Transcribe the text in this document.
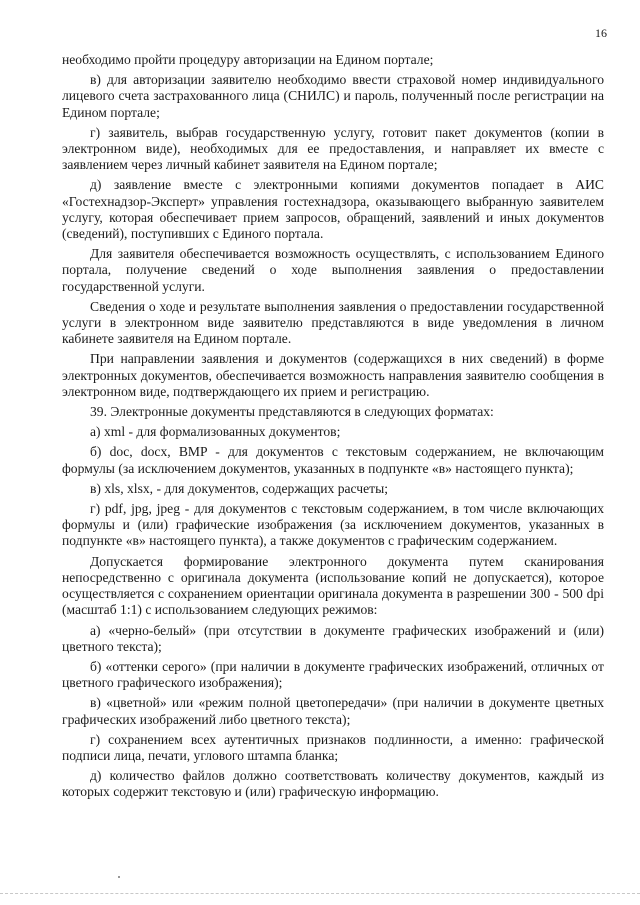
16

необходимо пройти процедуру авторизации на Едином портале;

в) для авторизации заявителю необходимо ввести страховой номер индивидуального лицевого счета застрахованного лица (СНИЛС) и пароль, полученный после регистрации на Едином портале;

г) заявитель, выбрав государственную услугу, готовит пакет документов (копии в электронном виде), необходимых для ее предоставления, и направляет их вместе с заявлением через личный кабинет заявителя на Едином портале;

д) заявление вместе с электронными копиями документов попадает в АИС «Гостехнадзор-Эксперт» управления гостехнадзора, оказывающего выбранную заявителем услугу, которая обеспечивает прием запросов, обращений, заявлений и иных документов (сведений), поступивших с Единого портала.

Для заявителя обеспечивается возможность осуществлять, с использованием Единого портала, получение сведений о ходе выполнения заявления о предоставлении государственной услуги.

Сведения о ходе и результате выполнения заявления о предоставлении государственной услуги в электронном виде заявителю представляются в виде уведомления в личном кабинете заявителя на Едином портале.

При направлении заявления и документов (содержащихся в них сведений) в форме электронных документов, обеспечивается возможность направления заявителю сообщения в электронном виде, подтверждающего их прием и регистрацию.

39. Электронные документы представляются в следующих форматах:

а) xml - для формализованных документов;

б) doc, docx, BMP - для документов с текстовым содержанием, не включающим формулы (за исключением документов, указанных в подпункте «в» настоящего пункта);

в) xls, xlsx, - для документов, содержащих расчеты;

г) pdf, jpg, jpeg - для документов с текстовым содержанием, в том числе включающих формулы и (или) графические изображения (за исключением документов, указанных в подпункте «в» настоящего пункта), а также документов с графическим содержанием.

Допускается формирование электронного документа путем сканирования непосредственно с оригинала документа (использование копий не допускается), которое осуществляется с сохранением ориентации оригинала документа в разрешении 300 - 500 dpi (масштаб 1:1) с использованием следующих режимов:

а) «черно-белый» (при отсутствии в документе графических изображений и (или) цветного текста);

б) «оттенки серого» (при наличии в документе графических изображений, отличных от цветного графического изображения);

в) «цветной» или «режим полной цветопередачи» (при наличии в документе цветных графических изображений либо цветного текста);

г) сохранением всех аутентичных признаков подлинности, а именно: графической подписи лица, печати, углового штампа бланка;

д) количество файлов должно соответствовать количеству документов, каждый из которых содержит текстовую и (или) графическую информацию.
